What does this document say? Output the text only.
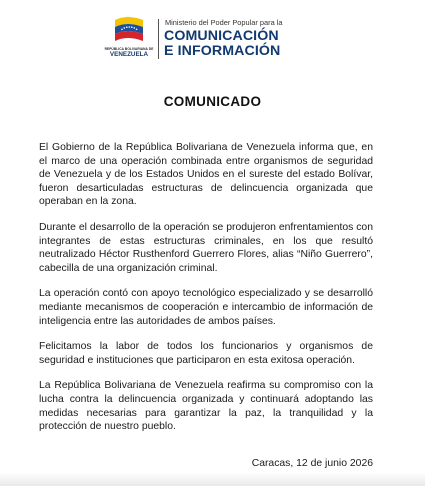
REPÚBLICA BOLIVARIANA DE
VENEZUELA
Ministerio del Poder Popular para la
COMUNICACIÓN
E INFORMACIÓN
COMUNICADO

El Gobierno de la República Bolivariana de Venezuela informa que, en el marco de una operación combinada entre organismos de seguridad de Venezuela y de los Estados Unidos en el sureste del estado Bolívar, fueron desarticuladas estructuras de delincuencia organizada que operaban en la zona.

Durante el desarrollo de la operación se produjeron enfrentamientos con integrantes de estas estructuras criminales, en los que resultó neutralizado Héctor Rusthenford Guerrero Flores, alias “Niño Guerrero”, cabecilla de una organización criminal.

La operación contó con apoyo tecnológico especializado y se desarrolló mediante mecanismos de cooperación e intercambio de información de inteligencia entre las autoridades de ambos países.

Felicitamos la labor de todos los funcionarios y organismos de seguridad e instituciones que participaron en esta exitosa operación.

La República Bolivariana de Venezuela reafirma su compromiso con la lucha contra la delincuencia organizada y continuará adoptando las medidas necesarias para garantizar la paz, la tranquilidad y la protección de nuestro pueblo.

Caracas, 12 de junio 2026
